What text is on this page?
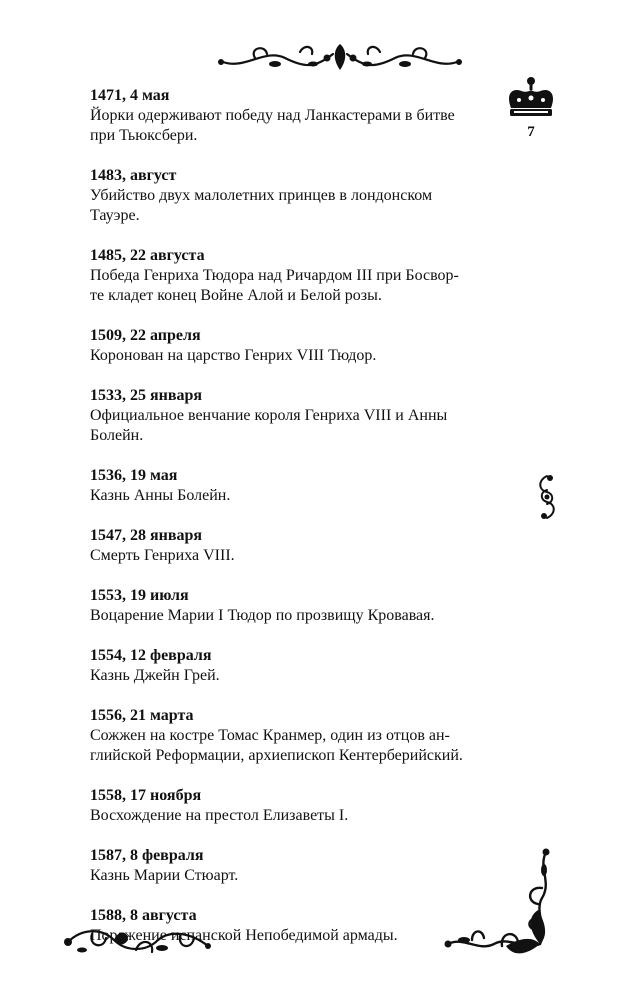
7
1471, 4 мая
Йорки одерживают победу над Ланкастерами в битве
при Тьюксбери.
1483, август
Убийство двух малолетних принцев в лондонском
Тауэре.
1485, 22 августа
Победа Генриха Тюдора над Ричардом III при Босвор-
те кладет конец Войне Алой и Белой розы.
1509, 22 апреля
Коронован на царство Генрих VIII Тюдор.
1533, 25 января
Официальное венчание короля Генриха VIII и Анны
Болейн.
1536, 19 мая
Казнь Анны Болейн.
1547, 28 января
Смерть Генриха VIII.
1553, 19 июля
Воцарение Марии I Тюдор по прозвищу Кровавая.
1554, 12 февраля
Казнь Джейн Грей.
1556, 21 марта
Сожжен на костре Томас Кранмер, один из отцов ан-
глийской Реформации, архиепископ Кентерберийский.
1558, 17 ноября
Восхождение на престол Елизаветы I.
1587, 8 февраля
Казнь Марии Стюарт.
1588, 8 августа
Поражение испанской Непобедимой армады.
